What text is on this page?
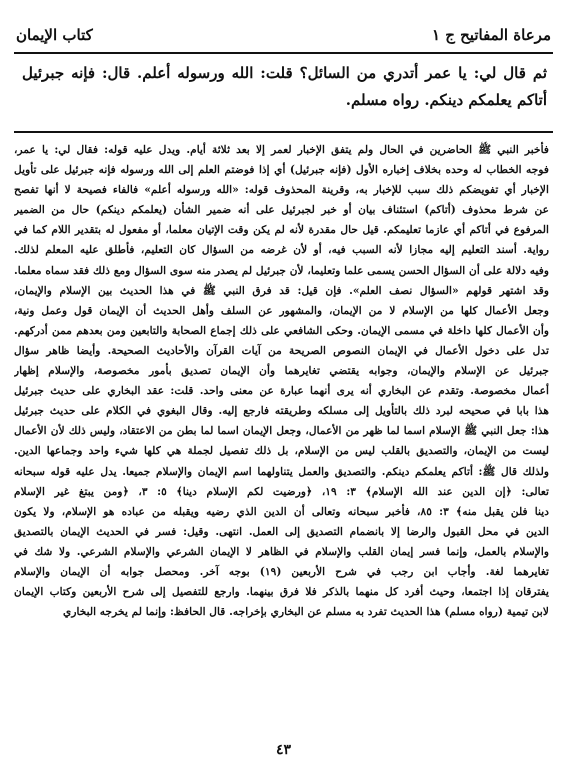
مرعاة المفاتيح ج ١
كتاب الإيمان

ثم قال لي: يا عمر أتدري من السائل؟ قلت: الله ورسوله أعلم. قال: فإنه جبرئيل أتاكم يعلمكم دينكم. رواه مسلم.

فأخبر النبي ﷺ الحاضرين في الحال ولم يتفق الإخبار لعمر إلا بعد ثلاثة أيام. ويدل عليه قوله: فقال لي: يا عمر،
فوجه الخطاب له وحده بخلاف إخباره الأول (فإنه جبرئيل) أي إذا فوضتم العلم إلى الله ورسوله فإنه جبرئيل على تأويل
الإخبار أي تفويضكم ذلك سبب للإخبار به، وقرينة المحذوف قوله: «الله ورسوله أعلم» فالفاء فصيحة لا أنها تفصح
عن شرط محذوف (أتاكم) استئناف بيان أو خبر لجبرئيل على أنه ضمير الشأن (يعلمكم دينكم) حال من الضمير
المرفوع في أتاكم أي عازما تعليمكم. قيل حال مقدرة لأنه لم يكن وقت الإتيان معلما، أو مفعول له بتقدير اللام كما في
رواية. أسند التعليم إليه مجازا لأنه السبب فيه، أو لأن غرضه من السؤال كان التعليم، فأطلق عليه المعلم لذلك.
وفيه دلالة على أن السؤال الحسن يسمى علما وتعليما، لأن جبرئيل لم يصدر منه سوى السؤال ومع ذلك فقد سماه معلما.
وقد اشتهر قولهم «السؤال نصف العلم». فإن قيل: قد فرق النبي ﷺ في هذا الحديث بين الإسلام والإيمان،
وجعل الأعمال كلها من الإسلام لا من الإيمان، والمشهور عن السلف وأهل الحديث أن الإيمان قول وعمل ونية،
وأن الأعمال كلها داخلة في مسمى الإيمان. وحكى الشافعي على ذلك إجماع الصحابة والتابعين ومن بعدهم ممن أدركهم.
تدل على دخول الأعمال في الإيمان النصوص الصريحة من آيات القرآن والأحاديث الصحيحة. وأيضا ظاهر سؤال
جبرئيل عن الإسلام والإيمان، وجوابه يقتضي تغايرهما وأن الإيمان تصديق بأمور مخصوصة، والإسلام إظهار
أعمال مخصوصة. وتقدم عن البخاري أنه يرى أنهما عبارة عن معنى واحد. قلت: عقد البخاري على حديث جبرئيل
هذا بابا في صحيحه لبرد ذلك بالتأويل إلى مسلكه وطريقته فارجع إليه. وقال البغوي في الكلام على حديث جبرئيل
هذا: جعل النبي ﷺ الإسلام اسما لما ظهر من الأعمال، وجعل الإيمان اسما لما بطن من الاعتقاد، وليس ذلك لأن الأعمال
ليست من الإيمان، والتصديق بالقلب ليس من الإسلام، بل ذلك تفصيل لجملة هي كلها شيء واحد وجماعها الدين.
ولذلك قال ﷺ: أتاكم يعلمكم دينكم. والتصديق والعمل يتناولهما اسم الإيمان والإسلام جميعا. يدل عليه قوله سبحانه
تعالى: ﴿إن الدين عند الله الإسلام﴾ ٣: ١٩، ﴿ورضيت لكم الإسلام دينا﴾ ٥: ٣، ﴿ومن يبتغ غير الإسلام
دينا فلن يقبل منه﴾ ٣: ٨٥، فأخبر سبحانه وتعالى أن الدين الذي رضيه ويقبله من عباده هو الإسلام، ولا يكون
الدين في محل القبول والرضا إلا بانضمام التصديق إلى العمل. انتهى. وقيل: فسر في الحديث الإيمان بالتصديق
والإسلام بالعمل، وإنما فسر إيمان القلب والإسلام في الظاهر لا الإيمان الشرعي والإسلام الشرعي. ولا شك في
تغايرهما لغة. وأجاب ابن رجب في شرح الأربعين (١٩) بوجه آخر. ومحصل جوابه أن الإيمان والإسلام
يفترقان إذا اجتمعا، وحيث أفرد كل منهما بالذكر فلا فرق بينهما. وارجع للتفصيل إلى شرح الأربعين وكتاب الإيمان
لابن تيمية (رواه مسلم) هذا الحديث تفرد به مسلم عن البخاري بإخراجه. قال الحافظ: وإنما لم يخرجه البخاري
٤٣
